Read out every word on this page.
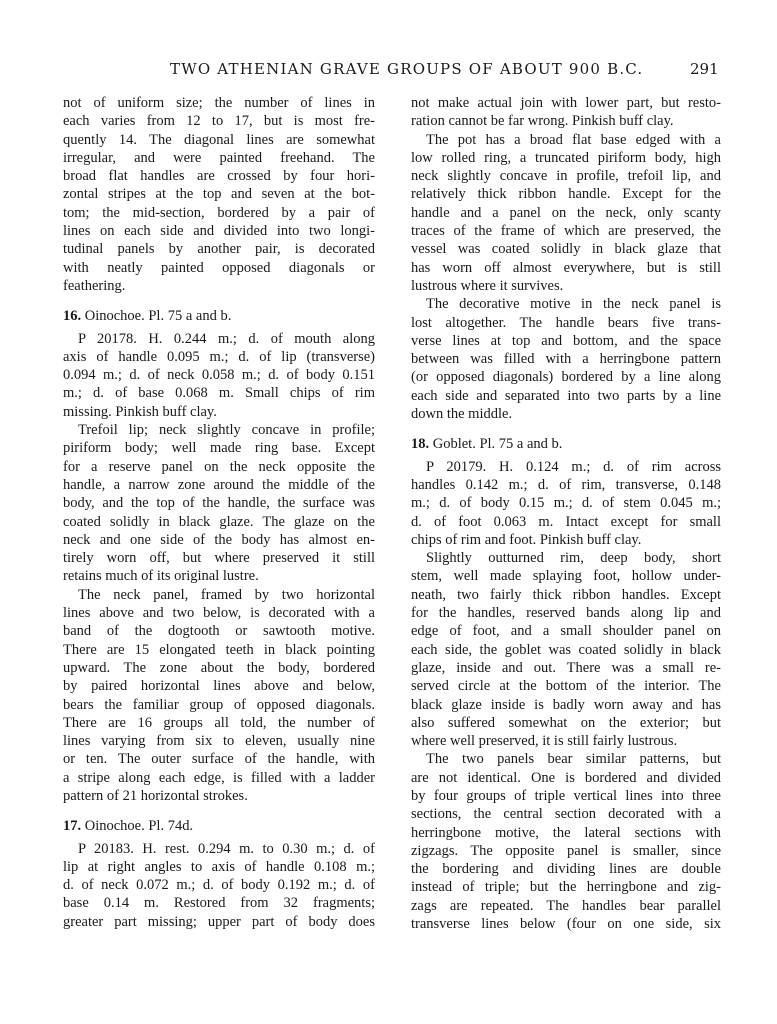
TWO ATHENIAN GRAVE GROUPS OF ABOUT 900 B.C.	291
not of uniform size; the number of lines in
each varies from 12 to 17, but is most fre-
quently 14. The diagonal lines are somewhat
irregular, and were painted freehand. The
broad flat handles are crossed by four hori-
zontal stripes at the top and seven at the bot-
tom; the mid-section, bordered by a pair of
lines on each side and divided into two longi-
tudinal panels by another pair, is decorated
with neatly painted opposed diagonals or
feathering.
16. Oinochoe. Pl. 75 a and b.
P 20178. H. 0.244 m.; d. of mouth along
axis of handle 0.095 m.; d. of lip (transverse)
0.094 m.; d. of neck 0.058 m.; d. of body 0.151
m.; d. of base 0.068 m. Small chips of rim
missing. Pinkish buff clay.
Trefoil lip; neck slightly concave in profile;
piriform body; well made ring base. Except
for a reserve panel on the neck opposite the
handle, a narrow zone around the middle of the
body, and the top of the handle, the surface was
coated solidly in black glaze. The glaze on the
neck and one side of the body has almost en-
tirely worn off, but where preserved it still
retains much of its original lustre.
The neck panel, framed by two horizontal
lines above and two below, is decorated with a
band of the dogtooth or sawtooth motive.
There are 15 elongated teeth in black pointing
upward. The zone about the body, bordered
by paired horizontal lines above and below,
bears the familiar group of opposed diagonals.
There are 16 groups all told, the number of
lines varying from six to eleven, usually nine
or ten. The outer surface of the handle, with
a stripe along each edge, is filled with a ladder
pattern of 21 horizontal strokes.
17. Oinochoe. Pl. 74d.
P 20183. H. rest. 0.294 m. to 0.30 m.; d. of
lip at right angles to axis of handle 0.108 m.;
d. of neck 0.072 m.; d. of body 0.192 m.; d. of
base 0.14 m. Restored from 32 fragments;
greater part missing; upper part of body does
not make actual join with lower part, but resto-
ration cannot be far wrong. Pinkish buff clay.
The pot has a broad flat base edged with a
low rolled ring, a truncated piriform body, high
neck slightly concave in profile, trefoil lip, and
relatively thick ribbon handle. Except for the
handle and a panel on the neck, only scanty
traces of the frame of which are preserved, the
vessel was coated solidly in black glaze that
has worn off almost everywhere, but is still
lustrous where it survives.
The decorative motive in the neck panel is
lost altogether. The handle bears five trans-
verse lines at top and bottom, and the space
between was filled with a herringbone pattern
(or opposed diagonals) bordered by a line along
each side and separated into two parts by a line
down the middle.
18. Goblet. Pl. 75 a and b.
P 20179. H. 0.124 m.; d. of rim across
handles 0.142 m.; d. of rim, transverse, 0.148
m.; d. of body 0.15 m.; d. of stem 0.045 m.;
d. of foot 0.063 m. Intact except for small
chips of rim and foot. Pinkish buff clay.
Slightly outturned rim, deep body, short
stem, well made splaying foot, hollow under-
neath, two fairly thick ribbon handles. Except
for the handles, reserved bands along lip and
edge of foot, and a small shoulder panel on
each side, the goblet was coated solidly in black
glaze, inside and out. There was a small re-
served circle at the bottom of the interior. The
black glaze inside is badly worn away and has
also suffered somewhat on the exterior; but
where well preserved, it is still fairly lustrous.
The two panels bear similar patterns, but
are not identical. One is bordered and divided
by four groups of triple vertical lines into three
sections, the central section decorated with a
herringbone motive, the lateral sections with
zigzags. The opposite panel is smaller, since
the bordering and dividing lines are double
instead of triple; but the herringbone and zig-
zags are repeated. The handles bear parallel
transverse lines below (four on one side, six
